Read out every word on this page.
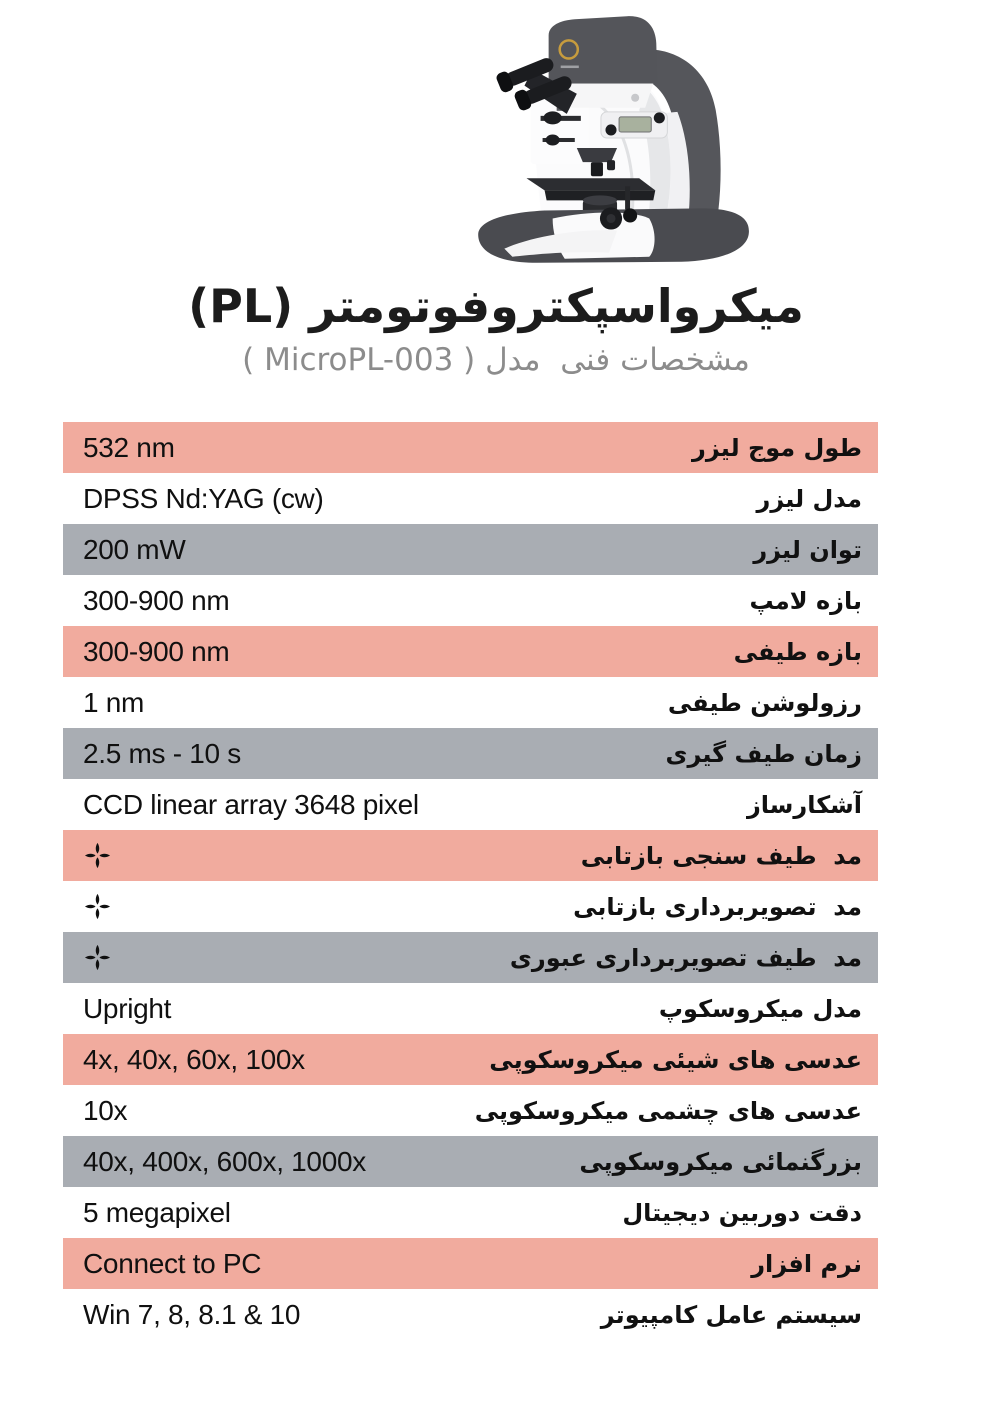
میکرواسپکتروفوتومتر (PL)
مشخصات فنی  مدل ( MicroPL-003 )
532 nm	طول موج لیزر
DPSS Nd:YAG (cw)	مدل لیزر
200 mW	توان لیزر
300-900 nm	بازه لامپ
300-900 nm	بازه طیفی
1 nm	رزولوشن طیفی
2.5 ms - 10 s	زمان طیف گیری
CCD linear array 3648 pixel	آشکارساز
مد  طیف سنجی بازتابی
مد  تصویربرداری بازتابی
مد  طیف تصویربرداری عبوری
Upright	مدل میکروسکوپ
4x, 40x, 60x, 100x	عدسی های شیئی میکروسکوپی
10x	عدسی های چشمی میکروسکوپی
40x, 400x, 600x, 1000x	بزرگنمائی میکروسکوپی
5 megapixel	دقت دوربین دیجیتال
Connect to PC	نرم افزار
Win 7, 8, 8.1 & 10	سیستم عامل کامپیوتر
